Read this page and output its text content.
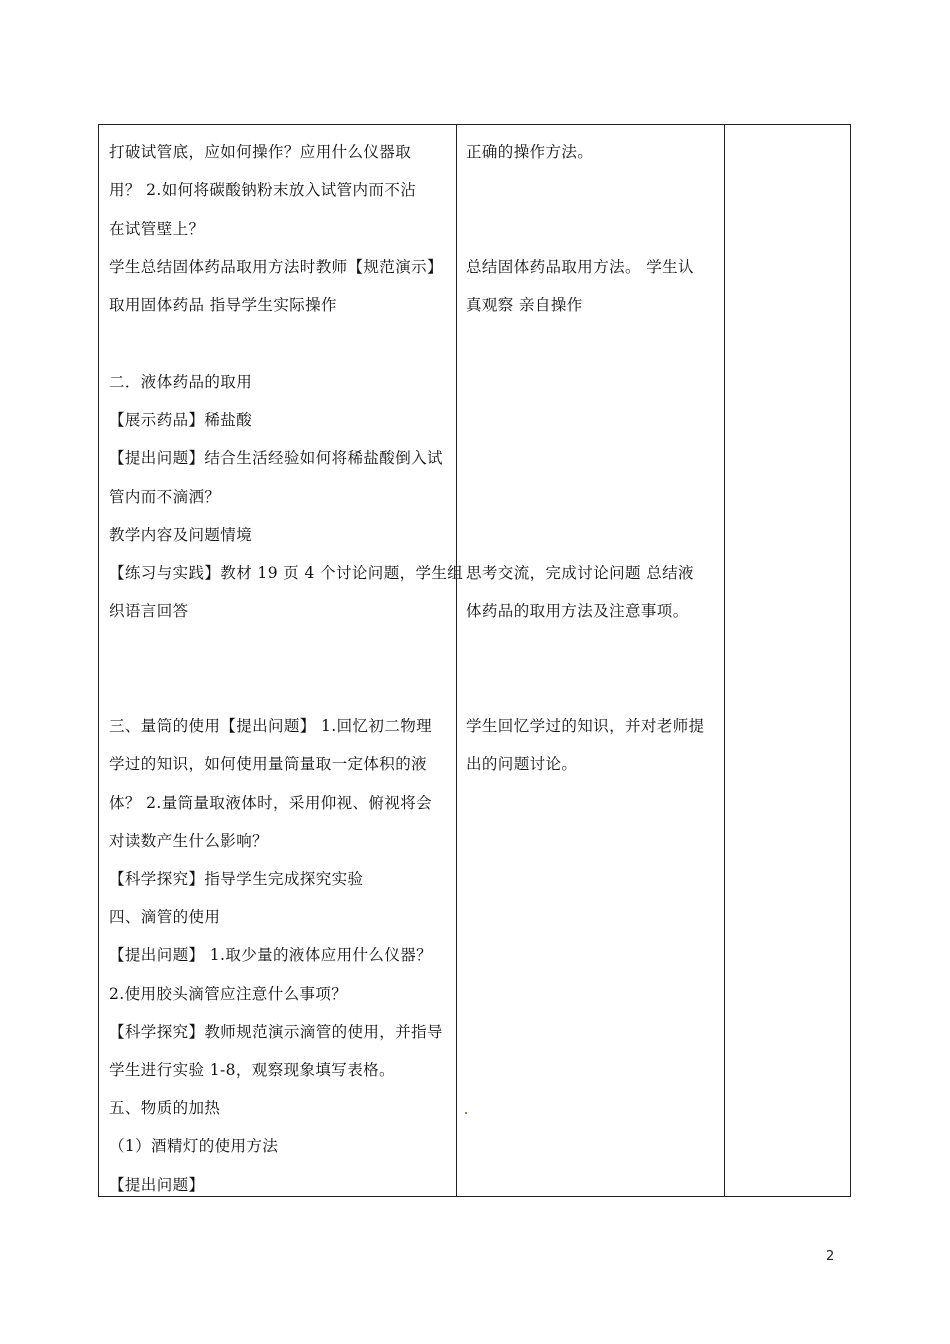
打破试管底，应如何操作？应用什么仪器取
用？ 2.如何将碳酸钠粉末放入试管内而不沾
在试管壁上？
学生总结固体药品取用方法时教师【规范演示】
取用固体药品 指导学生实际操作
二．液体药品的取用
【展示药品】稀盐酸
【提出问题】结合生活经验如何将稀盐酸倒入试
管内而不滴洒？
教学内容及问题情境
【练习与实践】教材 19 页 4 个讨论问题，学生组
织语言回答
三、量筒的使用【提出问题】 1.回忆初二物理
学过的知识，如何使用量筒量取一定体积的液
体？ 2.量筒量取液体时，采用仰视、俯视将会
对读数产生什么影响？
【科学探究】指导学生完成探究实验
四、滴管的使用
【提出问题】 1.取少量的液体应用什么仪器？
2.使用胶头滴管应注意什么事项？
【科学探究】教师规范演示滴管的使用，并指导
学生进行实验 1-8，观察现象填写表格。
五、物质的加热
（1）酒精灯的使用方法
【提出问题】
正确的操作方法。
总结固体药品取用方法。 学生认
真观察 亲自操作
思考交流，完成讨论问题 总结液
体药品的取用方法及注意事项。
学生回忆学过的知识，并对老师提
出的问题讨论。
2
